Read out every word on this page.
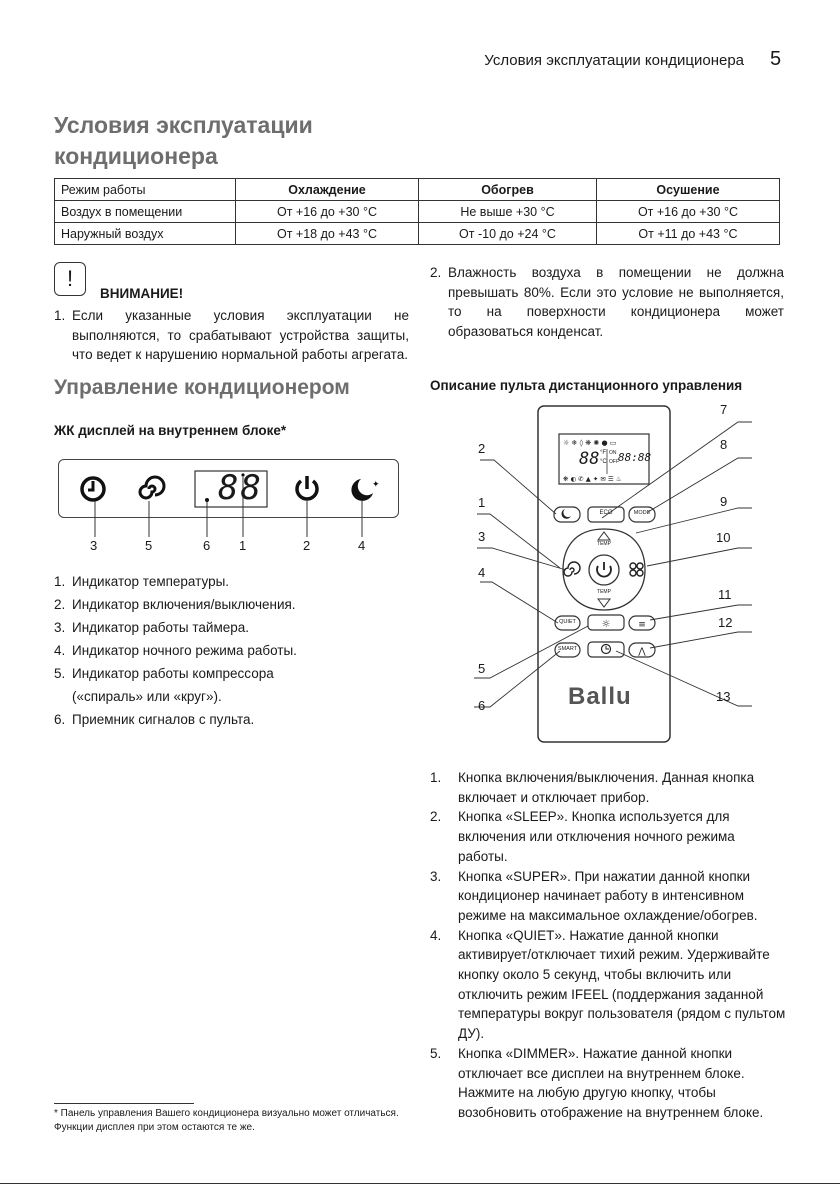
Условия эксплуатации кондиционера 5
Условия эксплуатации кондиционера
Режим работы	Охлаждение	Обогрев	Осушение
Воздух в помещении	От +16 до +30 °С	Не выше +30 °С	От +16 до +30 °С
Наружный воздух	От +18 до +43 °С	От -10 до +24 °С	От +11 до +43 °С
!
ВНИМАНИЕ!
1. Если указанные условия эксплуатации не выполняются, то срабатывают устройства защиты, что ведет к нарушению нормальной работы агрегата.
2. Влажность воздуха в помещении не должна превышать 80%. Если это условие не выполняется, то на поверхности кондиционера может образоваться конденсат.
Управление кондиционером
ЖК дисплей на внутреннем блоке*
✦
88
3	5	6 1	2	4
1. Индикатор температуры.
2. Индикатор включения/выключения.
3. Индикатор работы таймера.
4. Индикатор ночного режима работы.
5. Индикатор работы компрессора («спираль» или «круг»).
6. Приемник сигналов с пульта.
Описание пульта дистанционного управления
☼ ❄ ◊ ❋ ✺ ● ▭
❋ ◐ ✆ ▲ ✦ ✉ ☰ ♨
☼	≡
⋀
88 °F
°C
ON
OFF 88:88
ECO	MODE
TEMP
TEMP
QUIET
SMART
Ballu
1
2
3
4
5
6
7
8
9
10
11
12
13
1. Кнопка включения/выключения. Данная кнопка включает и отключает прибор.
2. Кнопка «SLEEP». Кнопка используется для включения или отключения ночного режима работы.
3. Кнопка «SUPER». При нажатии данной кнопки кондиционер начинает работу в интенсивном режиме на максимальное охлаждение/обогрев.
4. Кнопка «QUIET». Нажатие данной кнопки активирует/отключает тихий режим. Удерживайте кнопку около 5 секунд, чтобы включить или отключить режим IFEEL (поддержания заданной температуры вокруг пользователя (рядом с пультом ДУ).
5. Кнопка «DIMMER». Нажатие данной кнопки отключает все дисплеи на внутреннем блоке. Нажмите на любую другую кнопку, чтобы возобновить отображение на внутреннем блоке.
* Панель управления Вашего кондиционера визуально может отличаться. Функции дисплея при этом остаются те же.
